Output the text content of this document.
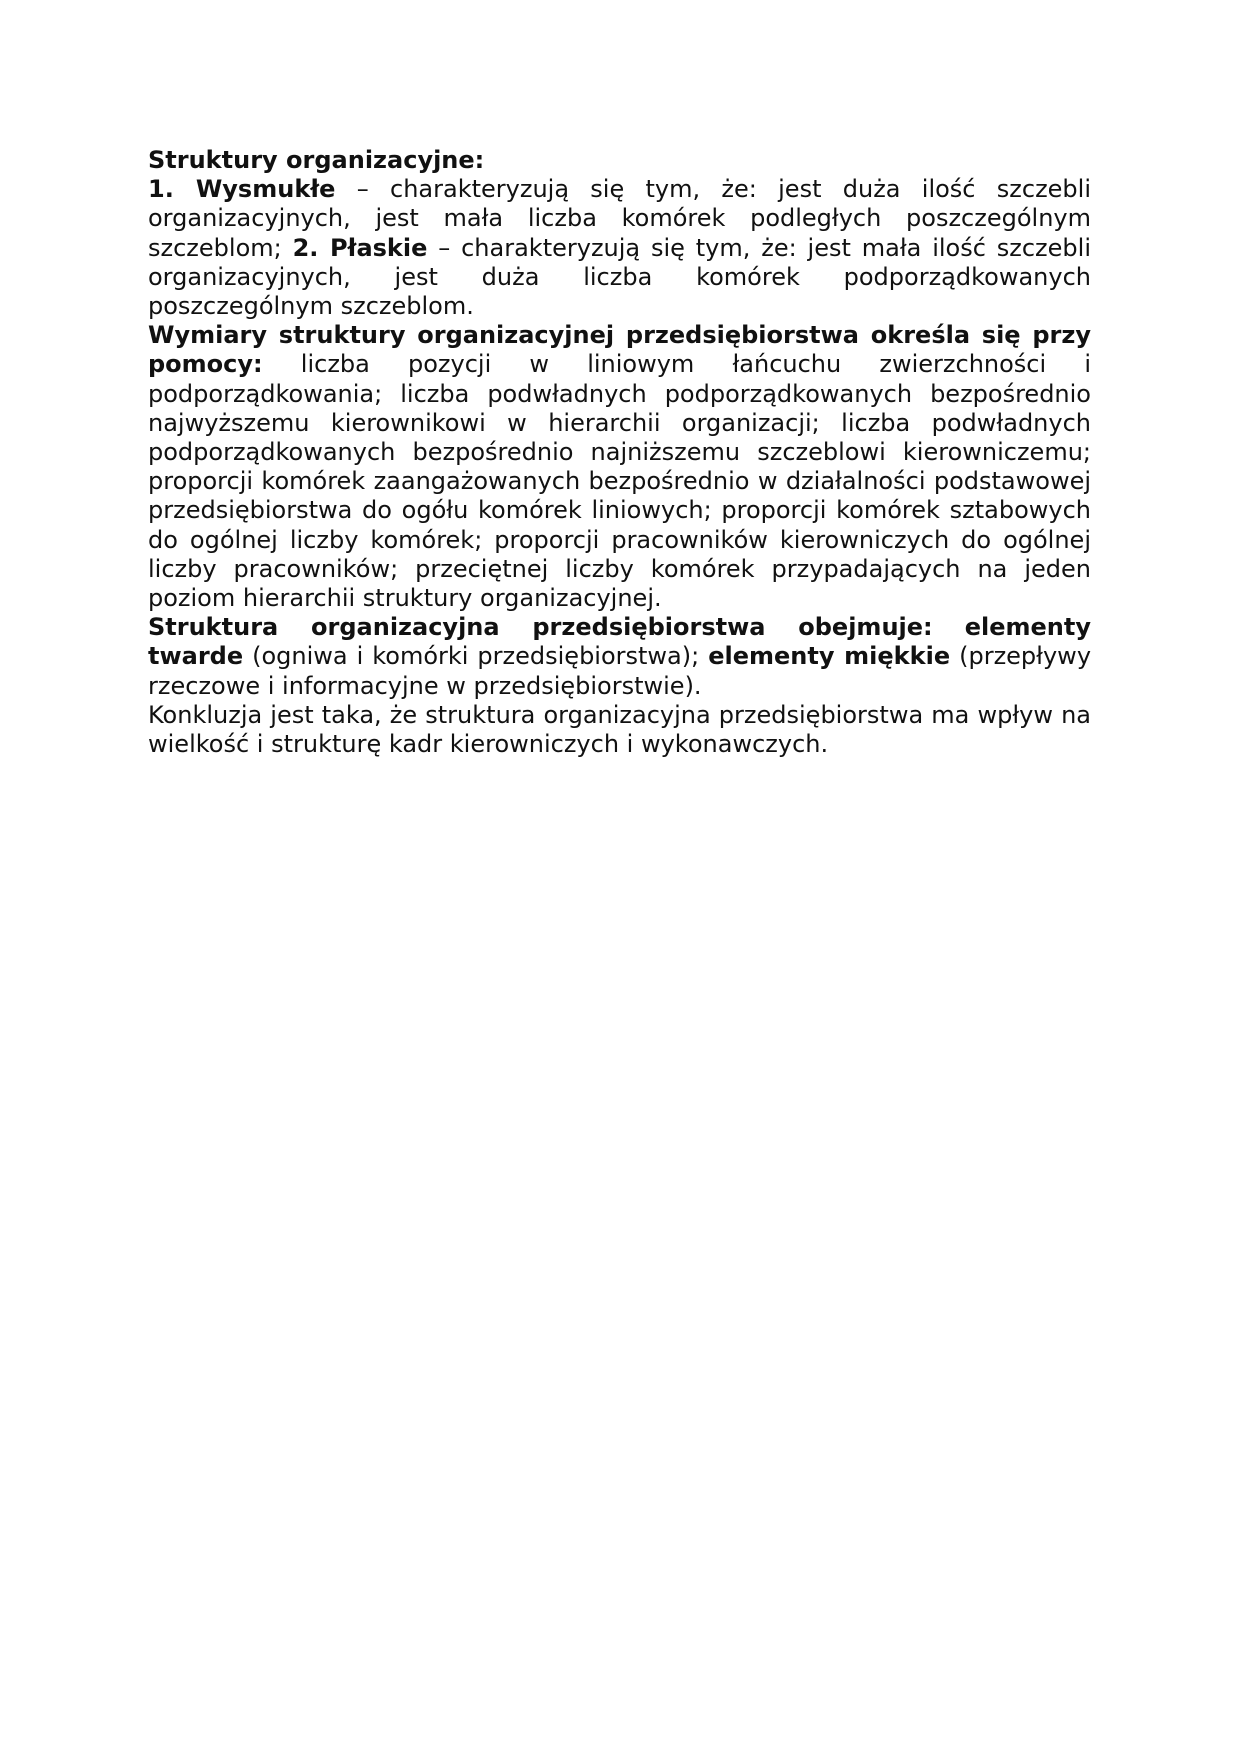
Struktury organizacyjne:

1. Wysmukłe – charakteryzują się tym, że: jest duża ilość szczebli organizacyjnych, jest mała liczba komórek podległych poszczególnym szczeblom; 2. Płaskie – charakteryzują się tym, że: jest mała ilość szczebli organizacyjnych, jest duża liczba komórek podporządkowanych poszczególnym szczeblom.

Wymiary struktury organizacyjnej przedsiębiorstwa określa się przy pomocy: liczba pozycji w liniowym łańcuchu zwierzchności i podporządkowania; liczba podwładnych podporządkowanych bezpośrednio najwyższemu kierownikowi w hierarchii organizacji; liczba podwładnych podporządkowanych bezpośrednio najniższemu szczeblowi kierowniczemu; proporcji komórek zaangażowanych bezpośrednio w działalności podstawowej przedsiębiorstwa do ogółu komórek liniowych; proporcji komórek sztabowych do ogólnej liczby komórek; proporcji pracowników kierowniczych do ogólnej liczby pracowników; przeciętnej liczby komórek przypadających na jeden poziom hierarchii struktury organizacyjnej.

Struktura organizacyjna przedsiębiorstwa obejmuje: elementy twarde (ogniwa i komórki przedsiębiorstwa); elementy miękkie (przepływy rzeczowe i informacyjne w przedsiębiorstwie).

Konkluzja jest taka, że struktura organizacyjna przedsiębiorstwa ma wpływ na wielkość i strukturę kadr kierowniczych i wykonawczych.
